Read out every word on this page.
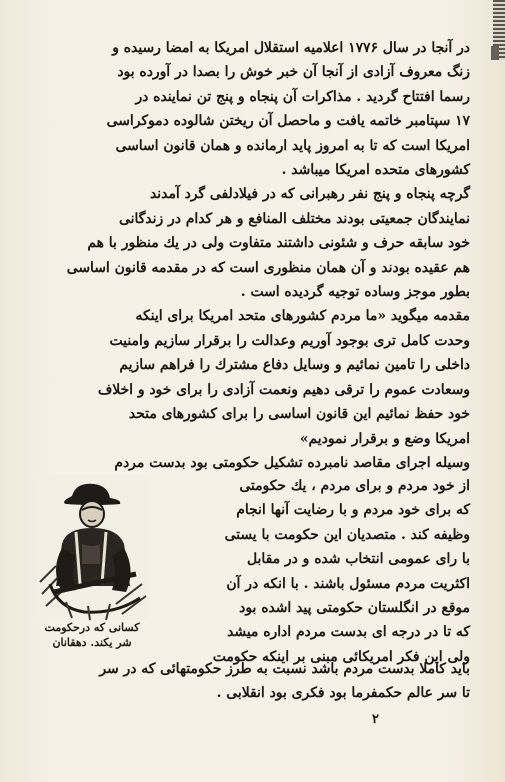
در آنجا در سال ۱۷۷۶ اعلامیه استقلال امریکا به امضا رسیده و
زنگ معروف آزادی از آنجا آن خبر خوش را بصدا در آورده بود
رسما افتتاح گردید . مذاکرات آن پنجاه و پنج تن نماینده در
۱۷ سپتامبر خاتمه یافت و ماحصل آن ریختن شالوده دموکراسی
امریکا است که تا به امروز پاید ارمانده و همان قانون اساسی
کشورهای متحده امریکا میباشد .
گرچه پنجاه و پنج نفر رهبرانی که در فیلادلفی گرد آمدند
نمایندگان جمعیتی بودند مختلف المنافع و هر کدام در زندگانی
خود سابقه حرف و شئونی داشتند متفاوت ولی در یك منظور با هم
هم عقیده بودند و آن همان منظوری است که در مقدمه قانون اساسی
بطور موجز وساده توجیه گردیده است .
مقدمه میگوید «ما مردم کشورهای متحد امریکا برای اینکه
وحدت کامل تری بوجود آوریم وعدالت را برقرار سازیم وامنیت
داخلی را تامین نمائیم و وسایل دفاع مشترك را فراهم سازیم
وسعادت عموم را ترقی دهیم ونعمت آزادی را برای خود و اخلاف
خود حفظ نمائیم این قانون اساسی را برای کشورهای متحد
امریکا وضع و برقرار نمودیم»
وسیله اجرای مقاصد نامبرده تشکیل حکومتی بود بدست مردم
کسانی که درحکومت
شر یکند. دهقانان
از خود مردم و برای مردم ، یك حکومتی
که برای خود مردم و با رضایت آنها انجام
وظیفه کند . متصدیان این حکومت با یستی
با رای عمومی انتخاب شده و در مقابل
اکثریت مردم مسئول باشند . با انکه در آن
موقع در انگلستان حکومتی پید اشده بود
که تا در درجه ای بدست مردم اداره میشد
ولی این فکر امریکائی مبنی بر اینکه حکومت
باید کاملا بدست مردم باشد نسبت به طرز حکومتهائی که در سر
تا سر عالم حکمفرما بود فکری بود انقلابی .
۲
